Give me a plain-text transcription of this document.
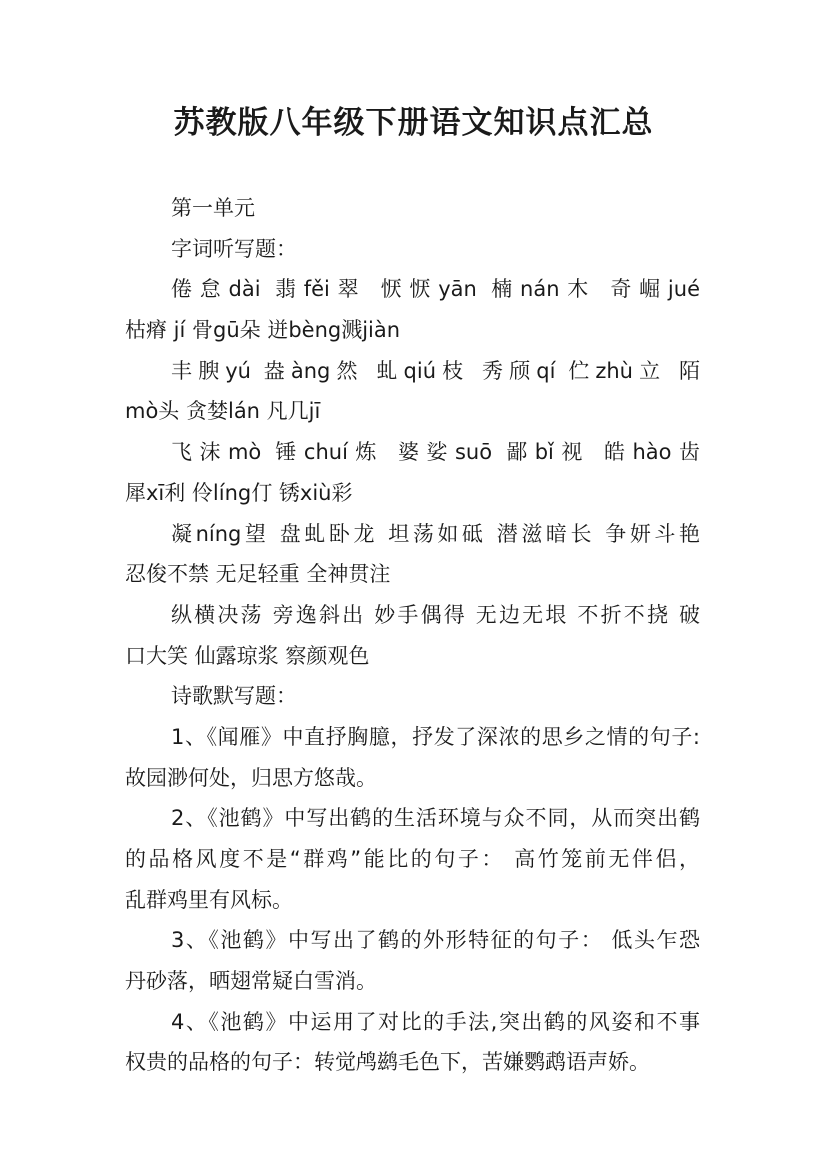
苏教版八年级下册语文知识点汇总
第一单元
字词听写题：
倦怠dài 翡fěi翠 恹恹yān 楠nán木 奇崛jué
枯瘠 jí 骨gū朵 迸bèng溅jiàn
丰腴yú 盎àng然 虬qiú枝 秀颀qí 伫zhù立 陌
mò头 贪婪lán 凡几jī
飞沫mò 锤chuí炼 婆娑suō 鄙bǐ视 皓hào齿
犀xī利 伶líng仃 锈xiù彩
凝níng望 盘虬卧龙 坦荡如砥 潜滋暗长 争妍斗艳
忍俊不禁 无足轻重 全神贯注
纵横决荡 旁逸斜出 妙手偶得 无边无垠 不折不挠 破
口大笑 仙露琼浆 察颜观色
诗歌默写题：
1、《闻雁》中直抒胸臆，抒发了深浓的思乡之情的句子:
故园渺何处，归思方悠哉。
2、《池鹤》中写出鹤的生活环境与众不同，从而突出鹤
的品格风度不是“群鸡”能比的句子： 高竹笼前无伴侣，
乱群鸡里有风标。
3、《池鹤》中写出了鹤的外形特征的句子： 低头乍恐
丹砂落，晒翅常疑白雪消。
4、《池鹤》中运用了对比的手法,突出鹤的风姿和不事
权贵的品格的句子：转觉鸬鹚毛色下，苦嫌鹦鹉语声娇。
